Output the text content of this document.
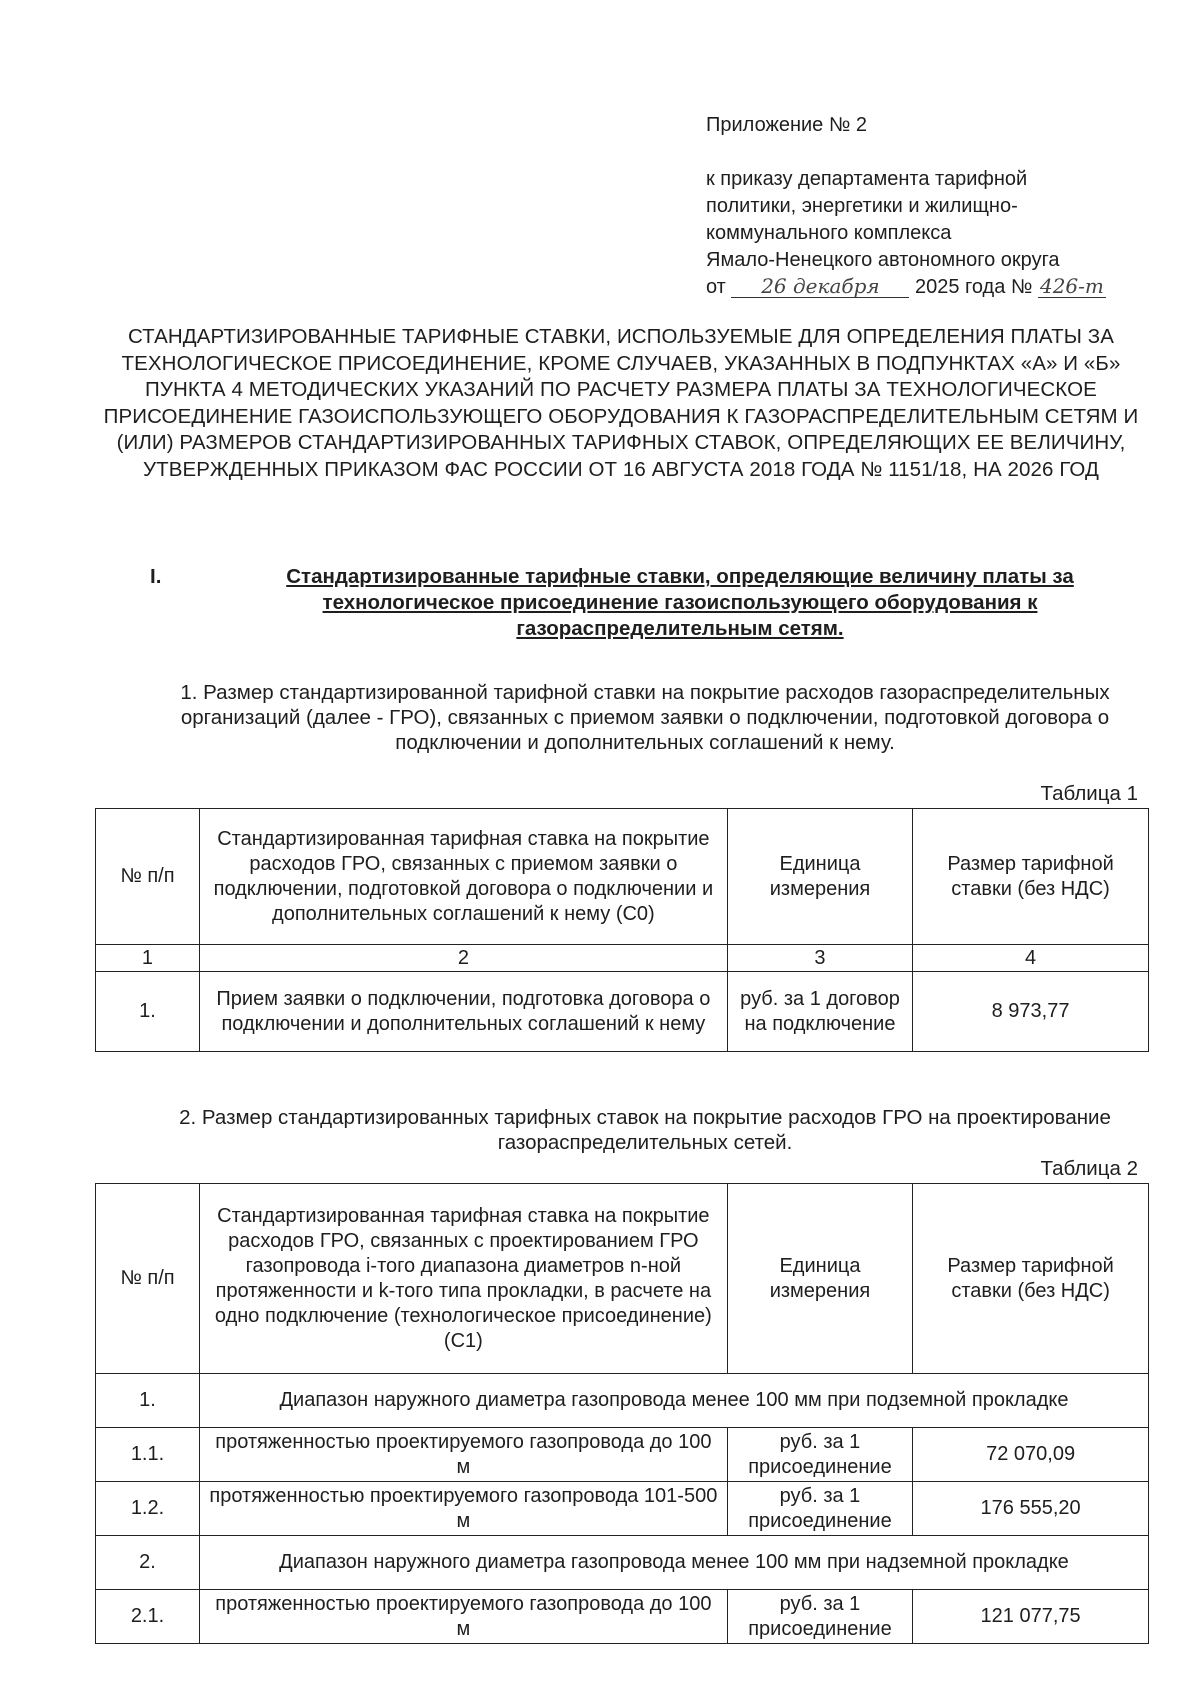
Приложение № 2
к приказу департамента тарифной
политики, энергетики и жилищно-
коммунального комплекса
Ямало-Ненецкого автономного округа
от 26 декабря 2025 года № 426-т
СТАНДАРТИЗИРОВАННЫЕ ТАРИФНЫЕ СТАВКИ, ИСПОЛЬЗУЕМЫЕ ДЛЯ ОПРЕДЕЛЕНИЯ ПЛАТЫ ЗА ТЕХНОЛОГИЧЕСКОЕ ПРИСОЕДИНЕНИЕ, КРОМЕ СЛУЧАЕВ, УКАЗАННЫХ В ПОДПУНКТАХ «А» И «Б» ПУНКТА 4 МЕТОДИЧЕСКИХ УКАЗАНИЙ ПО РАСЧЕТУ РАЗМЕРА ПЛАТЫ ЗА ТЕХНОЛОГИЧЕСКОЕ ПРИСОЕДИНЕНИЕ ГАЗОИСПОЛЬЗУЮЩЕГО ОБОРУДОВАНИЯ К ГАЗОРАСПРЕДЕЛИТЕЛЬНЫМ СЕТЯМ И (ИЛИ) РАЗМЕРОВ СТАНДАРТИЗИРОВАННЫХ ТАРИФНЫХ СТАВОК, ОПРЕДЕЛЯЮЩИХ ЕЕ ВЕЛИЧИНУ, УТВЕРЖДЕННЫХ ПРИКАЗОМ ФАС РОССИИ ОТ 16 АВГУСТА 2018 ГОДА № 1151/18, НА 2026 ГОД
I.	Стандартизированные тарифные ставки, определяющие величину платы за технологическое присоединение газоиспользующего оборудования к газораспределительным сетям.
1. Размер стандартизированной тарифной ставки на покрытие расходов газораспределительных организаций (далее - ГРО), связанных с приемом заявки о подключении, подготовкой договора о подключении и дополнительных соглашений к нему.
Таблица 1
№ п/п	Стандартизированная тарифная ставка на покрытие расходов ГРО, связанных с приемом заявки о подключении, подготовкой договора о подключении и дополнительных соглашений к нему (С0)	Единица измерения	Размер тарифной ставки (без НДС)
1	2	3	4
1.	Прием заявки о подключении, подготовка договора о подключении и дополнительных соглашений к нему	руб. за 1 договор на подключение	8 973,77
2. Размер стандартизированных тарифных ставок на покрытие расходов ГРО на проектирование газораспределительных сетей.
Таблица 2
№ п/п	Стандартизированная тарифная ставка на покрытие расходов ГРО, связанных с проектированием ГРО газопровода i-того диапазона диаметров n-ной протяженности и k-того типа прокладки, в расчете на одно подключение (технологическое присоединение) (С1)	Единица измерения	Размер тарифной ставки (без НДС)
1.	Диапазон наружного диаметра газопровода менее 100 мм при подземной прокладке		
1.1.	протяженностью проектируемого газопровода до 100 м	руб. за 1 присоединение	72 070,09
1.2.	протяженностью проектируемого газопровода 101-500 м	руб. за 1 присоединение	176 555,20
2.	Диапазон наружного диаметра газопровода менее 100 мм при надземной прокладке		
2.1.	протяженностью проектируемого газопровода до 100 м	руб. за 1 присоединение	121 077,75
